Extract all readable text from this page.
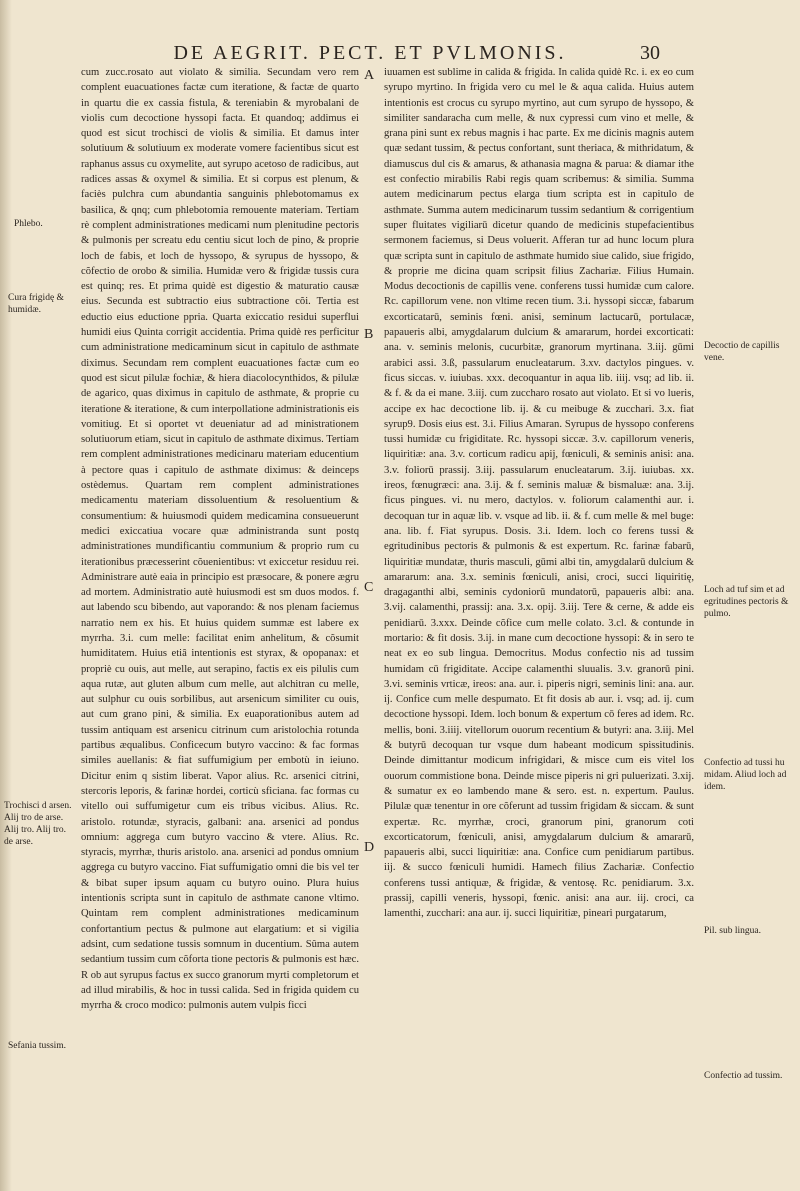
DE AEGRIT. PECT. ET PVLMONIS.	30
Phlebo.
Cura frigidę & humidæ.
Trochisci d arsen. Alij tro de arse. Alij tro. Alij tro. de arse.
Sefania tussim.

cum zucc.rosato aut violato & similia. Secundam vero rem complent euacuationes factæ cum iteratione, & factæ de quarto in quartu die ex cassia fistula, & tereniabin & myrobalani de violis cum decoctione hyssopi facta. Et quandoq; addimus ei quod est sicut trochisci de violis & similia. Et damus inter solutiuum & solutiuum ex moderate vomere facientibus sicut est raphanus assus cu oxymelite, aut syrupo acetoso de radicibus, aut radices assas & oxymel & similia. Et si corpus est plenum, & faciès pulchra cum abundantia sanguinis phlebotomamus ex basilica, & qnq; cum phlebotomia remouente materiam. Tertiam rè complent administrationes medicami num plenitudine pectoris & pulmonis per screatu edu centiu sicut loch de pino, & proprie loch de fabis, et loch de hyssopo, & syrupus de hyssopo, & cõfectio de orobo & similia. Humidæ vero & frigidæ tussis cura est quinq; res. Et prima quidè est digestio & maturatio causæ eius. Secunda est subtractio eius subtractione cõi. Tertia est eductio eius eductione ppria. Quarta exiccatio residui superflui humidi eius Quinta corrigit accidentia. Prima quidè res perficitur cum administratione medicaminum sicut in capitulo de asthmate diximus. Secundam rem complent euacuationes factæ cum eo quod est sicut pilulæ fochiæ, & hiera diacolocynthidos, & pilulæ de agarico, quas diximus in capitulo de asthmate, & proprie cu iteratione & iteratione, & cum interpollatione administrationis eis vomitiug. Et si oportet vt deueniatur ad ad ministrationem solutiuorum etiam, sicut in capitulo de asthmate diximus. Tertiam rem complent administrationes medicinaru materiam educentium à pectore quas i capitulo de asthmate diximus: & deinceps ostèdemus. Quartam rem complent administrationes medicamentu materiam dissoluentium & resoluentium & consumentium: & huiusmodi quidem medicamina consueuerunt medici exiccatiua vocare quæ administranda sunt postq administrationes mundificantiu communium & proprio rum cu iterationibus præcesserint cõuenientibus: vt exiccetur residuu rei. Administrare autè eaia in principio est præsocare, & ponere ægru ad mortem. Administratio autè huiusmodi est sm duos modos. f. aut labendo scu bibendo, aut vaporando: & nos plenam faciemus narratio nem ex his. Et huius quidem summæ est labere ex myrrha. 3.i. cum melle: facilitat enim anhelitum, & cõsumit humiditatem. Huius etiâ intentionis est styrax, & opopanax: et propriè cu ouis, aut melle, aut serapino, factis ex eis pilulis cum aqua rutæ, aut gluten album cum melle, aut alchitran cu melle, aut sulphur cu ouis sorbilibus, aut arsenicum similiter cu ouis, aut cum grano pini, & similia. Ex euaporationibus autem ad tussim antiquam est arsenicu citrinum cum aristolochia rotunda partibus æqualibus. Conficecum butyro vaccino: & fac formas similes auellanis: & fiat suffumigium per embotù in ieiuno. Dicitur enim q sistim liberat. Vapor alius. Rc. arsenici citrini, stercoris leporis, & farinæ hordei, corticù sficiana. fac formas cu vitello oui suffumigetur cum eis tribus vicibus. Alius. Rc. aristolo. rotundæ, styracis, galbani: ana. arsenici ad pondus omnium: aggrega cum butyro vaccino & vtere. Alius. Rc. styracis, myrrhæ, thuris aristolo. ana. arsenici ad pondus omnium aggrega cu butyro vaccino. Fiat suffumigatio omni die bis vel ter & bibat super ipsum aquam cu butyro ouino. Plura huius intentionis scripta sunt in capitulo de asthmate canone vltimo. Quintam rem complent administrationes medicaminum confortantium pectus & pulmone aut elargatium: et si vigilia adsint, cum sedatione tussis somnum in ducentium. Sûma autem sedantium tussim cum cõforta tione pectoris & pulmonis est hæc. R ob aut syrupus factus ex succo granorum myrti completorum et ad illud mirabilis, & hoc in tussi calida. Sed in frigida quidem cu myrrha & croco modico: pulmonis autem vulpis ficci

A
B
C
D

iuuamen est sublime in calida & frigida. In calida quidè Rc. i. ex eo cum syrupo myrtino. In frigida vero cu mel le & aqua calida. Huius autem intentionis est crocus cu syrupo myrtino, aut cum syrupo de hyssopo, & similiter sandaracha cum melle, & nux cypressi cum vino et melle, & grana pini sunt ex rebus magnis i hac parte. Ex me dicinis magnis autem quæ sedant tussim, & pectus confortant, sunt theriaca, & mithridatum, & diamuscus dul cis & amarus, & athanasia magna & parua: & diamar ithe est confectio mirabilis Rabi regis quam scribemus: & similia. Summa autem medicinarum pectus elarga tium scripta est in capitulo de asthmate. Summa autem medicinarum tussim sedantium & corrigentium super fluitates vigiliarū dicetur quando de medicinis stupefacientibus sermonem faciemus, si Deus voluerit. Afferan tur ad hunc locum plura quæ scripta sunt in capitulo de asthmate humido siue calido, siue frigido, & proprie me dicina quam scripsit filius Zachariæ. Filius Humain. Modus decoctionis de capillis vene. conferens tussi humidæ cum calore. Rc. capillorum vene. non vltime recen tium. 3.i. hyssopi siccæ, fabarum excorticatarū, seminis fœni. anisi, seminum lactucarū, portulacæ, papaueris albi, amygdalarum dulcium & amararum, hordei excorticati: ana. v. seminis melonis, cucurbitæ, granorum myrtinana. 3.iij. gūmi arabici assi. 3.ß, passularum enucleatarum. 3.xv. dactylos pingues. v. ficus siccas. v. iuiubas. xxx. decoquantur in aqua lib. iiij. vsq; ad lib. ii. & f. & da ei mane. 3.iij. cum zuccharo rosato aut violato. Et si vo lueris, accipe ex hac decoctione lib. ij. & cu meibuge & zucchari. 3.x. fiat syrup9. Dosis eius est. 3.i. Filius Amaran. Syrupus de hyssopo conferens tussi humidæ cu frigiditate. Rc. hyssopi siccæ. 3.v. capillorum veneris, liquiritiæ: ana. 3.v. corticum radicu apij, fœniculi, & seminis anisi: ana. 3.v. foliorū prassij. 3.iij. passularum enucleatarum. 3.ij. iuiubas. xx. ireos, fœnugræci: ana. 3.ij. & f. seminis maluæ & bismaluæ: ana. 3.ij. ficus pingues. vi. nu mero, dactylos. v. foliorum calamenthi aur. i. decoquan tur in aquæ lib. v. vsque ad lib. ii. & f. cum melle & mel buge: ana. lib. f. Fiat syrupus. Dosis. 3.i. Idem. loch co ferens tussi & egritudinibus pectoris & pulmonis & est expertum. Rc. farinæ fabarū, liquiritiæ mundatæ, thuris masculi, gūmi albi tin, amygdalarū dulcium & amararum: ana. 3.x. seminis fœniculi, anisi, croci, succi liquiritię, dragaganthi albi, seminis cydoniorū mundatorū, papaueris albi: ana. 3.vij. calamenthi, prassij: ana. 3.x. opij. 3.iij. Tere & cerne, & adde eis penidiarū. 3.xxx. Deinde cõfice cum melle colato. 3.cl. & contunde in mortario: & fit dosis. 3.ij. in mane cum decoctione hyssopi: & in sero te neat ex eo sub lingua. Democritus. Modus confectio nis ad tussim humidam cū frigiditate. Accipe calamenthi sluualis. 3.v. granorū pini. 3.vi. seminis vrticæ, ireos: ana. aur. i. piperis nigri, seminis lini: ana. aur. ij. Confice cum melle despumato. Et fit dosis ab aur. i. vsq; ad. ij. cum decoctione hyssopi. Idem. loch bonum & expertum cō feres ad idem. Rc. mellis, boni. 3.iiij. vitellorum ouorum recentium & butyri: ana. 3.iij. Mel & butyrū decoquan tur vsque dum habeant modicum spissitudinis. Deinde dimittantur modicum infrigidari, & misce cum eis vitel los ouorum commistione bona. Deinde misce piperis ni gri puluerizati. 3.xij. & sumatur ex eo lambendo mane & sero. est. n. expertum. Paulus. Pilulæ quæ tenentur in ore cõferunt ad tussim frigidam & siccam. & sunt expertæ. Rc. myrrhæ, croci, granorum pini, granorum coti excorticatorum, fœniculi, anisi, amygdalarum dulcium & amararū, papaueris albi, succi liquiritiæ: ana. Confice cum penidiarum partibus. iij. & succo fœniculi humidi. Hamech filius Zachariæ. Confectio conferens tussi antiquæ, & frigidæ, & ventosę. Rc. penidiarum. 3.x. prassij, capilli veneris, hyssopi, fœnic. anisi: ana aur. iij. croci, ca lamenthi, zucchari: ana aur. ij. succi liquiritiæ, pineari purgatarum,

Decoctio de capillis vene.
Loch ad tuf sim et ad egritudines pectoris & pulmo.
Confectio ad tussi hu midam. Aliud loch ad idem.
Pil. sub lingua.
Confectio ad tussim.
